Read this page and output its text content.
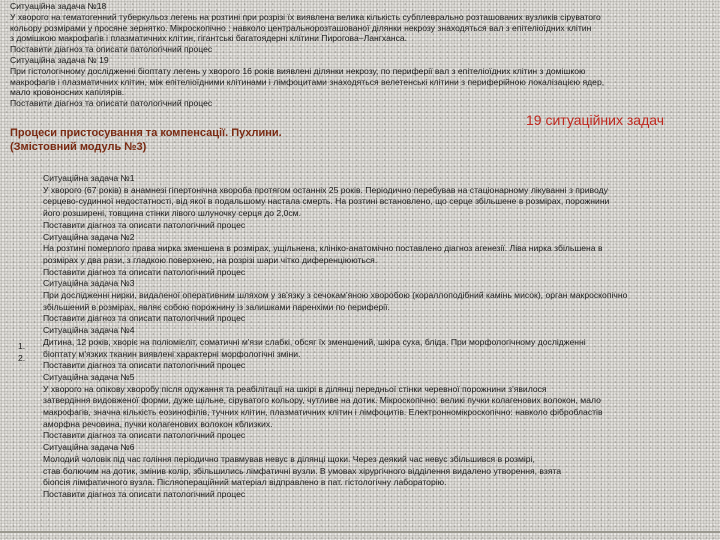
Ситуаційна задача №18

У хворого на гематогенний туберкульоз легень на розтині при розрізі їх виявлена велика кількість субплеврально розташованих вузликів сіруватого

кольору розмірами у просяне зернятко. Мікроскопічно : навколо центральнорозташованої ділянки некрозу знаходяться вал з епітеліоїдних клітин

з домішкою макрофагів і плазматичних клітин, гігантські багатоядерні клітини Пирогова–Лангханса.

Поставити діагноз та описати патологічний процес

Ситуаційна задача № 19

При гістологічному дослідженні біоптату легень у хворого 16 років виявлені ділянки некрозу, по периферії вал з епітеліоїдних клітин з домішкою

макрофагів і плазматичних клітин, між епітеліоїдними клітинами і лімфоцитами знаходяться велетенські клітини з периферійною локалізацією ядер,

мало кровоносних капілярів.

Поставити діагноз та описати патологічний процес

19 ситуаційних задач
Процеси пристосування та компенсації. Пухлини.
(Змістовний модуль №3)
1.
2.

Ситуаційна задача №1

У хворого (67 років) в анамнезі гіпертонічна хвороба протягом останніх 25 років. Періодично перебував на стаціонарному лікуванні з приводу

серцево-судинної недостатності, від якої в подальшому настала смерть. На розтині встановлено, що серце збільшене в розмірах, порожнини

його розширені, товщина стінки лівого шлуночку серця до 2,0см.

Поставити діагноз та описати патологічний процес

Ситуаційна задача №2

На розтині померлого права нирка зменшена в розмірах, ущільнена, клініко-анатомічно поставлено діагноз агенезії. Ліва нирка збільшена в

розмірах у два рази, з гладкою поверхнею, на розрізі шари чітко диференціюються.

Поставити діагноз та описати патологічний процес

Ситуаційна задача №3

При дослідженні нирки, видаленої оперативним шляхом у зв'язку з сечокам'яною хворобою (кораллоподібний камінь мисок), орган макроскопічно

збільшений в розмірах, являє собою порожнину із залишками паренхіми по периферії.

Поставити діагноз та описати патологічний процес

Ситуаційна задача №4

Дитина, 12 років, хворіє на поліомієліт, соматичні м'язи слабкі, обсяг їх зменшений, шкіра суха, бліда. При морфологічному дослідженні

біоптату м'язких тканин виявлені характерні морфологічні зміни.

Поставити діагноз та описати патологічний процес

Ситуаційна задача №5

У хворого на опікову хворобу після одужання та реабілітації на шкірі в ділянці передньої стінки черевної порожнини з'явилося

затвердіння видовженої форми, дуже щільне, сіруватого кольору, чутливе на дотик. Мікроскопічно: великі пучки колагенових волокон, мало

макрофагів, значна кількість еозинофілів, тучних клітин, плазматичних клітин і лімфоцитів. Електронномікроскопічно: навколо фібробластів

аморфна речовина, пучки колагенових волокон кблизких.

Поставити діагноз та описати патологічний процес

Ситуаційна задача №6

Молодий чоловік під час гоління періодично травмував невус в ділянці щоки. Через деякий час невус збільшився в розмірі,

став болючим на дотик, змінив колір, збільшились лімфатичні вузли. В умовах хірургічного відділення видалено утворення, взята

біопсія лімфатичного вузла. Післяопераційний матеріал відправлено в пат. гістологічну лабораторію.

Поставити діагноз та описати патологічний процес
